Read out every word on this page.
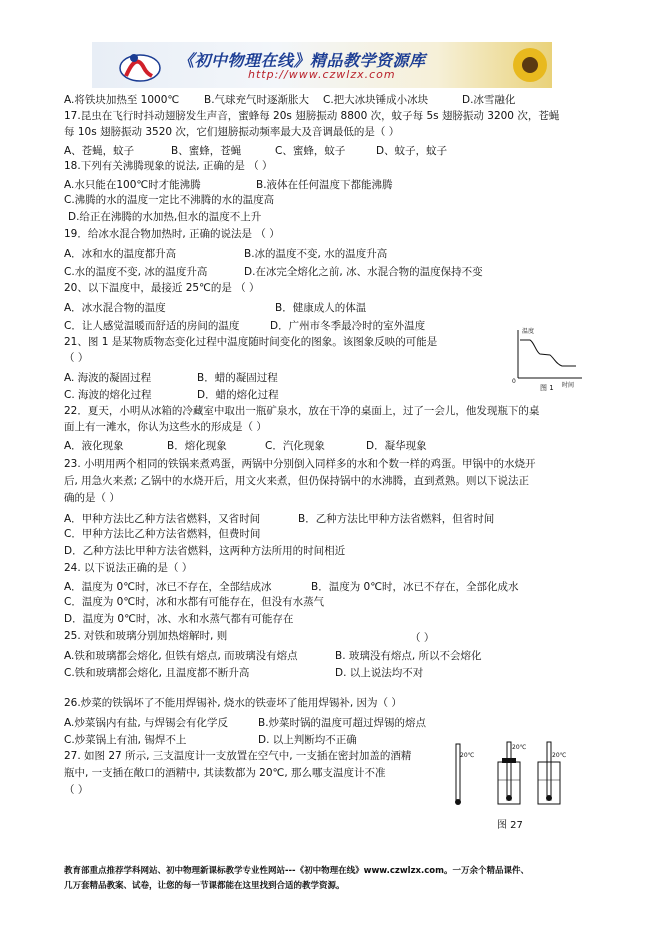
《初中物理在线》精品教学资源库
http://www.czwlzx.com
A.将铁块加热至 1000℃ B.气球充气时逐渐胀大 C.把大冰块锤成小冰块	D.冰雪融化
17.昆虫在飞行时抖动翅膀发生声音，蜜蜂每 20s 翅膀振动 8800 次，蚊子每 5s 翅膀振动 3200 次，苍蝇
每 10s 翅膀振动 3520 次，它们翅膀振动频率最大及音调最低的是（ ）
A、苍蝇，蚊子	B、蜜蜂，苍蝇	C、蜜蜂，蚊子	D、蚊子，蚊子
18.下列有关沸腾现象的说法, 正确的是 （ ）
A.水只能在100℃时才能沸腾	B.液体在任何温度下都能沸腾
C.沸腾的水的温度一定比不沸腾的水的温度高
D.给正在沸腾的水加热,但水的温度不上升
19．给冰水混合物加热时, 正确的说法是 （ ）
A．冰和水的温度都升高	B.冰的温度不变, 水的温度升高
C.水的温度不变, 冰的温度升高	D.在冰完全熔化之前, 冰、水混合物的温度保持不变
20、以下温度中，最接近 25℃的是 （ ）
A．冰水混合物的温度	B．健康成人的体温
C．让人感觉温暖而舒适的房间的温度	D．广州市冬季最冷时的室外温度
21、图 1 是某物质物态变化过程中温度随时间变化的图象。该图象反映的可能是
（ ）
A. 海波的凝固过程	B．蜡的凝固过程
C. 海波的熔化过程	D．蜡的熔化过程
温度
时间
0
图 1
22．夏天，小明从冰箱的冷藏室中取出一瓶矿泉水，放在干净的桌面上，过了一会儿，他发现瓶下的桌
面上有一滩水，你认为这些水的形成是（ ）
A．液化现象	B．熔化现象	C．汽化现象	D．凝华现象
23. 小明用两个相同的铁锅来煮鸡蛋，两锅中分别倒入同样多的水和个数一样的鸡蛋。甲锅中的水烧开
后, 用急火来煮; 乙锅中的水烧开后，用文火来煮，但仍保持锅中的水沸腾，直到煮熟。则以下说法正
确的是（ ）
A．甲种方法比乙种方法省燃料，又省时间	B．乙种方法比甲种方法省燃料，但省时间
C．甲种方法比乙种方法省燃料，但费时间
D．乙种方法比甲种方法省燃料，这两种方法所用的时间相近
24. 以下说法正确的是（ ）
A．温度为 0℃时，冰已不存在，全部结成冰	B．温度为 0℃时，冰已不存在，全部化成水
C．温度为 0℃时，冰和水都有可能存在，但没有水蒸气
D．温度为 0℃时，冰、水和水蒸气都有可能存在
25. 对铁和玻璃分别加热熔解时, 则	（ ）
A.铁和玻璃都会熔化, 但铁有熔点, 而玻璃没有熔点	B. 玻璃没有熔点, 所以不会熔化
C.铁和玻璃都会熔化, 且温度都不断升高	D. 以上说法均不对
26.炒菜的铁锅坏了不能用焊锡补, 烧水的铁壶坏了能用焊锡补, 因为（ ）
A.炒菜锅内有盐, 与焊锡会有化学反	B.炒菜时锅的温度可超过焊锡的熔点
C.炒菜锅上有油, 锡焊不上	D. 以上判断均不正确
27. 如图 27 所示, 三支温度计一支放置在空气中, 一支插在密封加盖的酒精
瓶中, 一支插在敞口的酒精中, 其读数都为 20℃, 那么哪支温度计不准
（ ）
20℃
20℃
20℃
图 27
教育部重点推荐学科网站、初中物理新课标教学专业性网站---《初中物理在线》www.czwlzx.com。一万余个精品课件、
几万套精品教案、试卷，让您的每一节课都能在这里找到合适的教学资源。
